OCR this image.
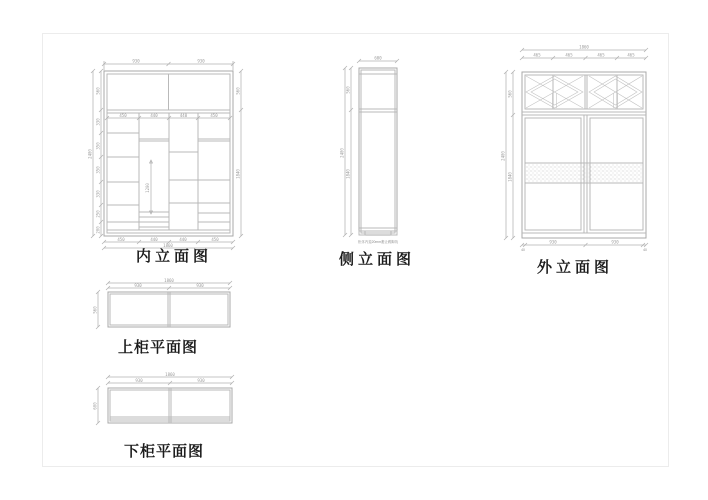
1200
450	440	440	450
930	930
2400
560
330
350
350
330
250
200
560
1840
450	440	440	450
1860
600
2400
560
1840
柜体内退20mm避让踢脚线
1860
465	465	465	465
2400
560
1840
930	930
40	40
1860
930	930
560
1860
930	930
600
内立面图	侧立面图	外立面图
上柜平面图
下柜平面图
